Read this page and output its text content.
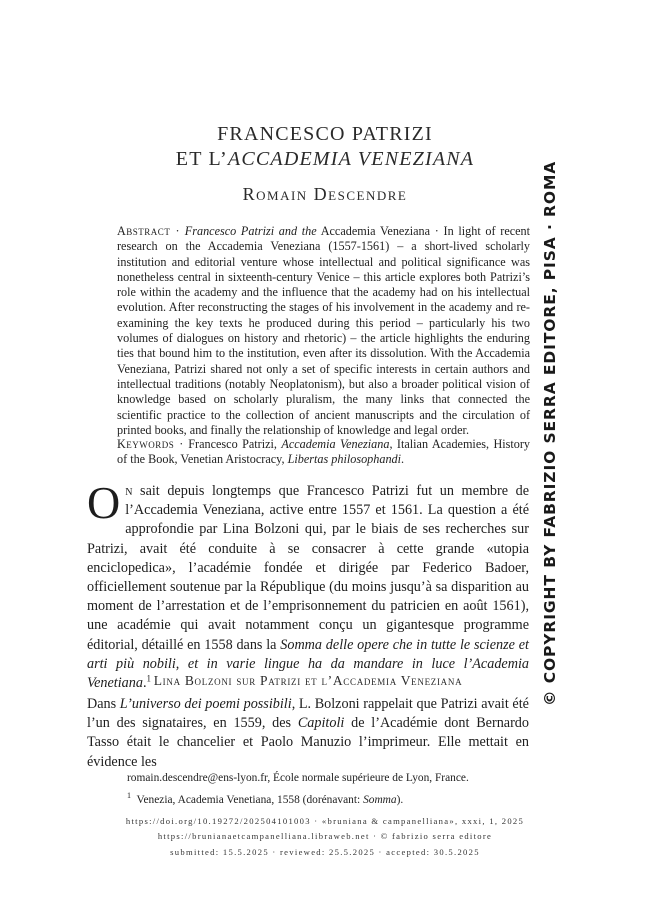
FRANCESCO PATRIZI
ET L’ACCADEMIA VENEZIANA
Romain Descendre
Abstract · Francesco Patrizi and the Accademia Veneziana · In light of recent research on the Accademia Veneziana (1557-1561) – a short-lived scholarly institution and editorial venture whose intellectual and political significance was nonetheless central in sixteenth-century Venice – this article explores both Patrizi’s role within the academy and the influence that the academy had on his intellectual evolution. After reconstructing the stages of his involvement in the academy and re-examining the key texts he produced during this period – particularly his two volumes of dialogues on history and rhetoric) – the article highlights the enduring ties that bound him to the institution, even after its dissolution. With the Accademia Veneziana, Patrizi shared not only a set of specific interests in certain authors and intellectual traditions (notably Neoplatonism), but also a broader political vision of knowledge based on scholarly pluralism, the many links that connected the scientific practice to the collection of ancient manuscripts and the circulation of printed books, and finally the relationship of knowledge and legal order.
Keywords · Francesco Patrizi, Accademia Veneziana, Italian Academies, History of the Book, Venetian Aristocracy, Libertas philosophandi.
On sait depuis longtemps que Francesco Patrizi fut un membre de l’Accademia Veneziana, active entre 1557 et 1561. La question a été approfondie par Lina Bolzoni qui, par le biais de ses recherches sur Patrizi, avait été conduite à se consacrer à cette grande «utopia enciclopedica», l’académie fondée et dirigée par Federico Badoer, officiellement soutenue par la République (du moins jusqu’à sa disparition au moment de l’arrestation et de l’emprisonnement du patricien en août 1561), une académie qui avait notamment conçu un gigantesque programme éditorial, détaillé en 1558 dans la Somma delle opere che in tutte le scienze et arti più nobili, et in varie lingue ha da mandare in luce l’Academia Venetiana.$^1$ Lina Bolzoni sur Patrizi et l’Accademia Veneziana
Dans L’universo dei poemi possibili, L. Bolzoni rappelait que Patrizi avait été l’un des signataires, en 1559, des Capitoli de l’Académie dont Bernardo Tasso était le chancelier et Paolo Manuzio l’imprimeur. Elle mettait en évidence les
romain.descendre@ens-lyon.fr, École normale supérieure de Lyon, France.
$^1$ Venezia, Academia Venetiana, 1558 (dorénavant: Somma).
https://doi.org/10.19272/202504101003 · «bruniana & campanelliana», xxxi, 1, 2025
https://brunianaetcampanelliana.libraweb.net · © fabrizio serra editore
submitted: 15.5.2025 · reviewed: 25.5.2025 · accepted: 30.5.2025
© COPYRIGHT BY FABRIZIO SERRA EDITORE, PISA · ROMA
